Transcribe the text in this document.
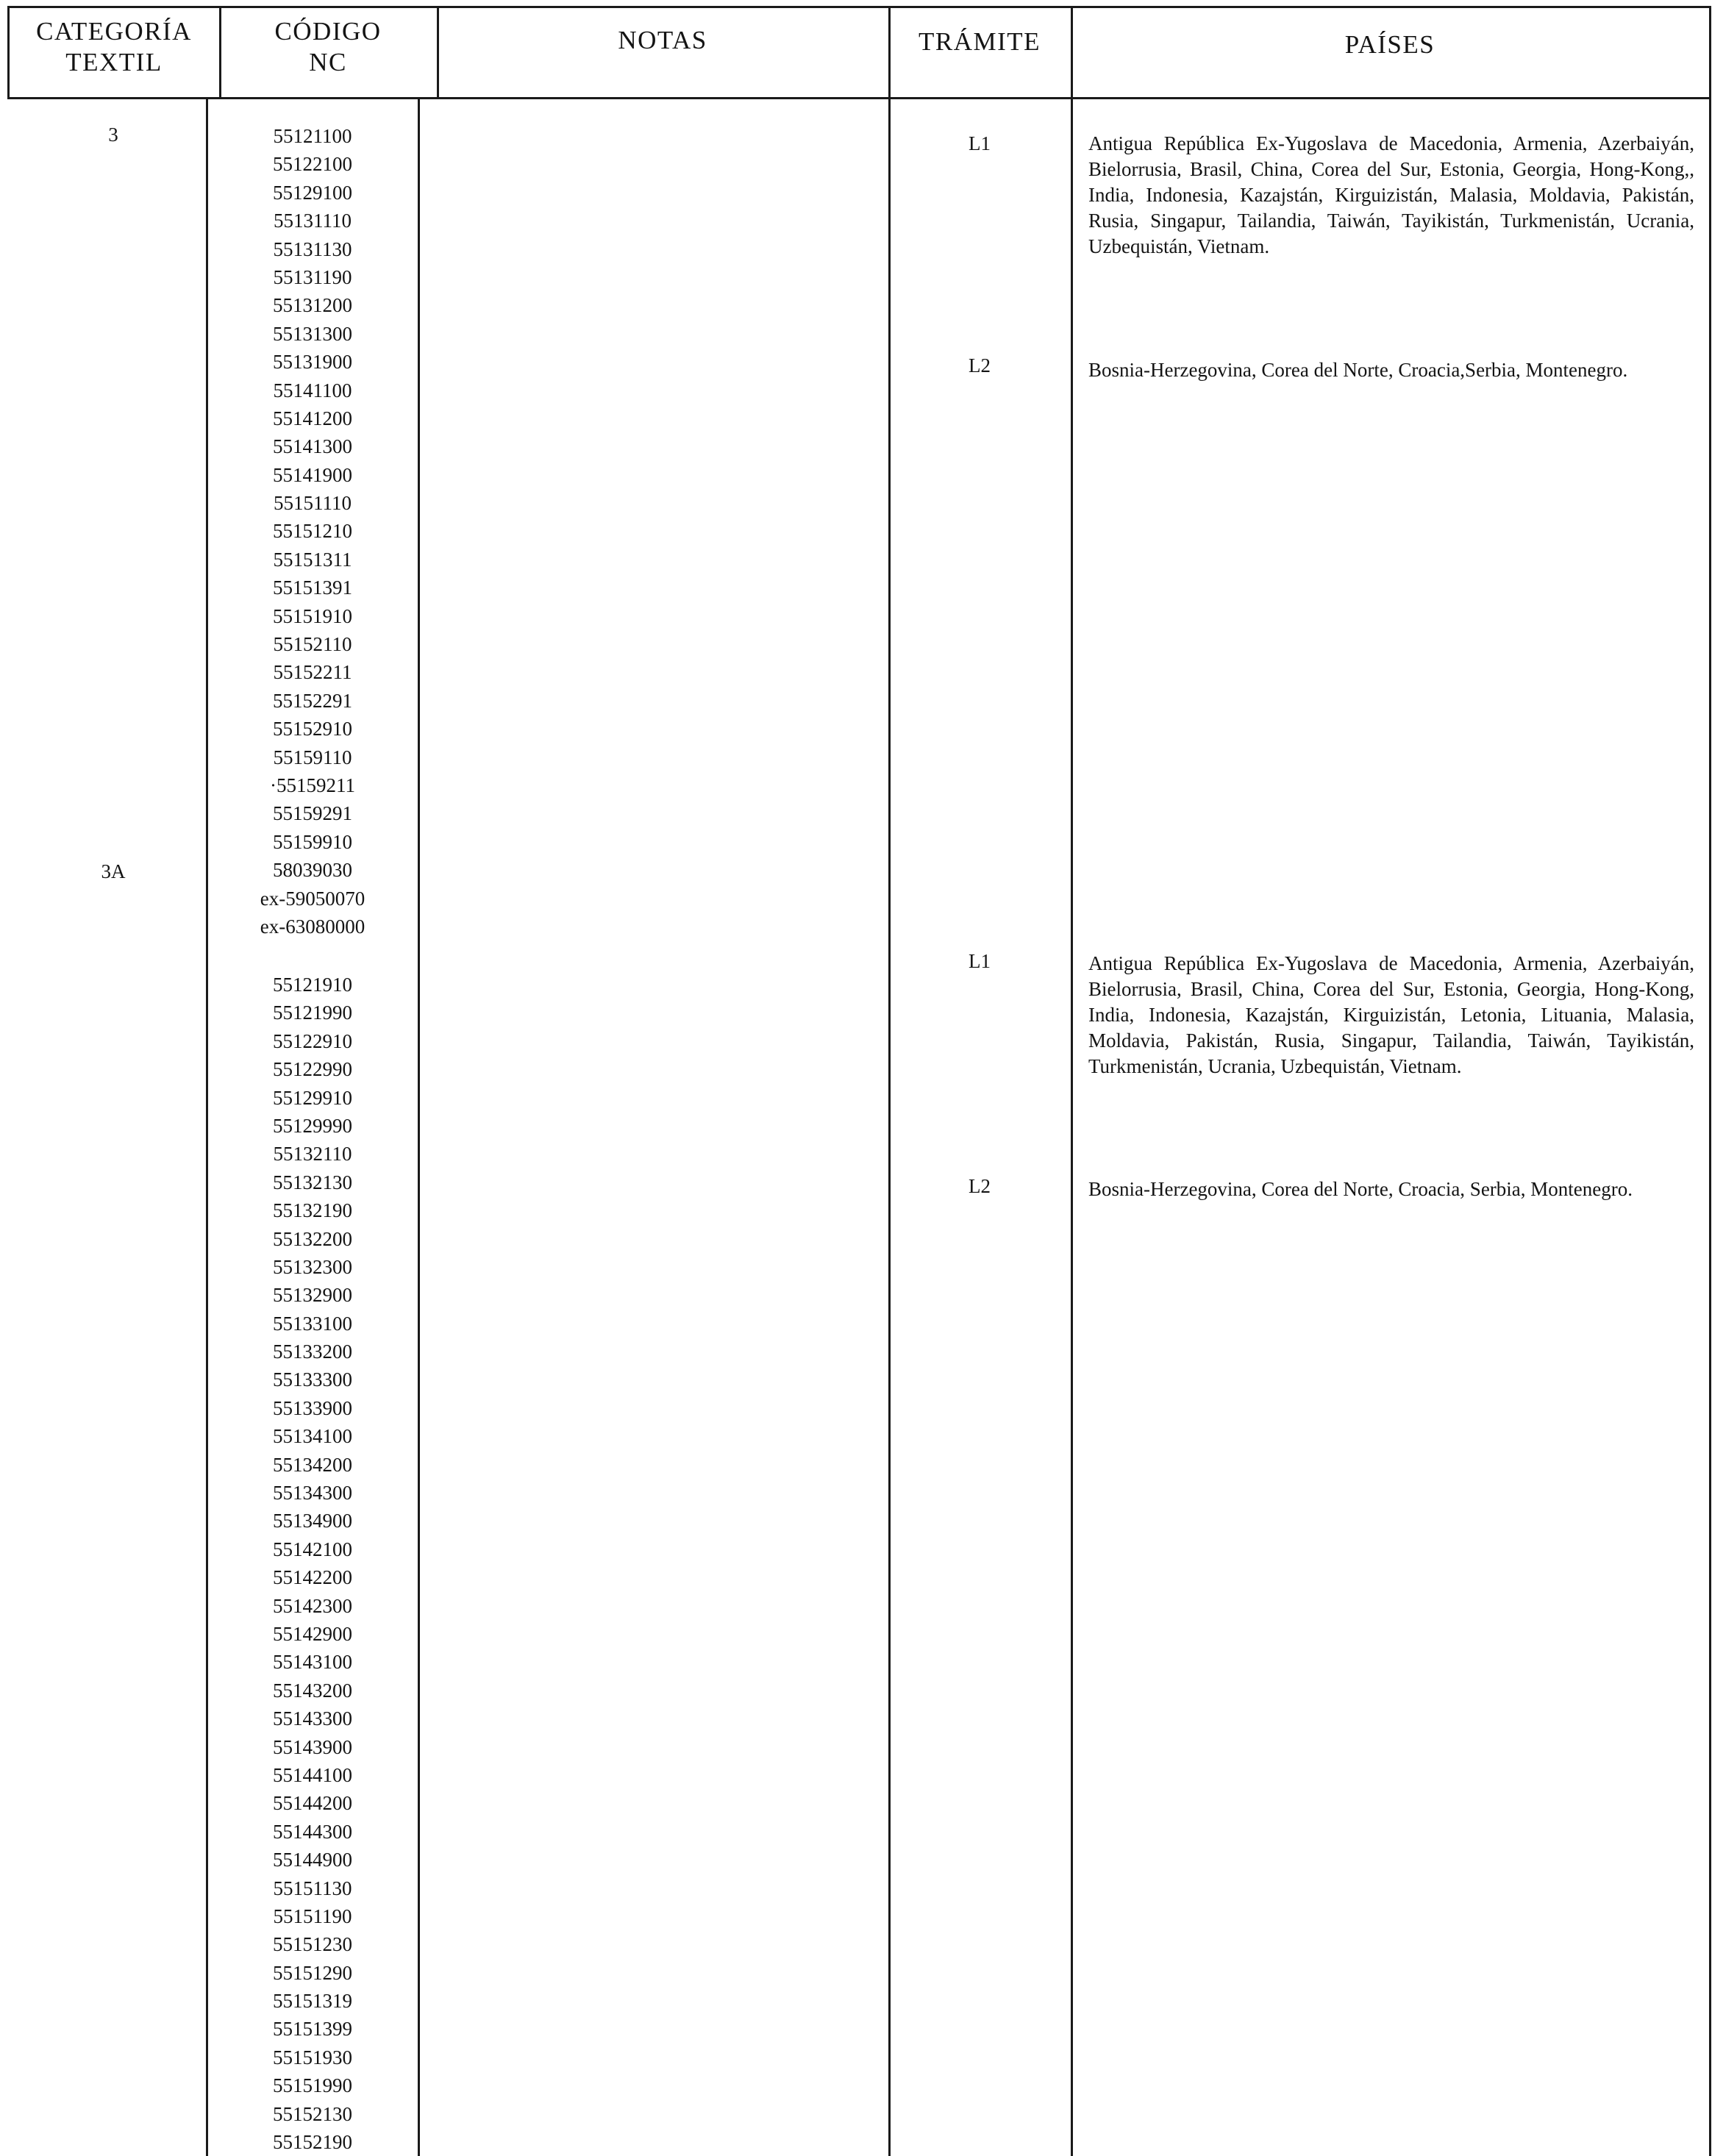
CATEGORÍA
TEXTIL
CÓDIGO
NC
NOTAS	TRÁMITE	PAÍSES
3
3A
55121100
55122100
55129100
55131110
55131130
55131190
55131200
55131300
55131900
55141100
55141200
55141300
55141900
55151110
55151210
55151311
55151391
55151910
55152110
55152211
55152291
55152910
55159110
·55159211
55159291
55159910
58039030
ex-59050070
ex-63080000
55121910
55121990
55122910
55122990
55129910
55129990
55132110
55132130
55132190
55132200
55132300
55132900
55133100
55133200
55133300
55133900
55134100
55134200
55134300
55134900
55142100
55142200
55142300
55142900
55143100
55143200
55143300
55143900
55144100
55144200
55144300
55144900
55151130
55151190
55151230
55151290
55151319
55151399
55151930
55151990
55152130
55152190
L1
L2
L1
L2
Antigua República Ex-Yugoslava de Macedonia, Armenia, Azerbaiyán, Bielorrusia, Brasil, China, Corea del Sur, Estonia, Georgia, Hong-Kong,, India, Indonesia, Kazajstán, Kirguizistán, Malasia, Moldavia, Pakistán, Rusia, Singapur, Tailandia, Taiwán, Tayikistán, Turkmenistán, Ucrania, Uzbequistán, Vietnam.
Bosnia-Herzegovina, Corea del Norte, Croacia,Serbia, Montenegro.
Antigua República Ex-Yugoslava de Macedonia, Armenia, Azerbaiyán, Bielorrusia, Brasil, China, Corea del Sur, Estonia, Georgia, Hong-Kong, India, Indonesia, Kazajstán, Kirguizistán, Letonia, Lituania, Malasia, Moldavia, Pakistán, Rusia, Singapur, Tailandia, Taiwán, Tayikistán, Turkmenistán, Ucrania, Uzbequistán, Vietnam.
Bosnia-Herzegovina, Corea del Norte, Croacia, Serbia, Montenegro.
